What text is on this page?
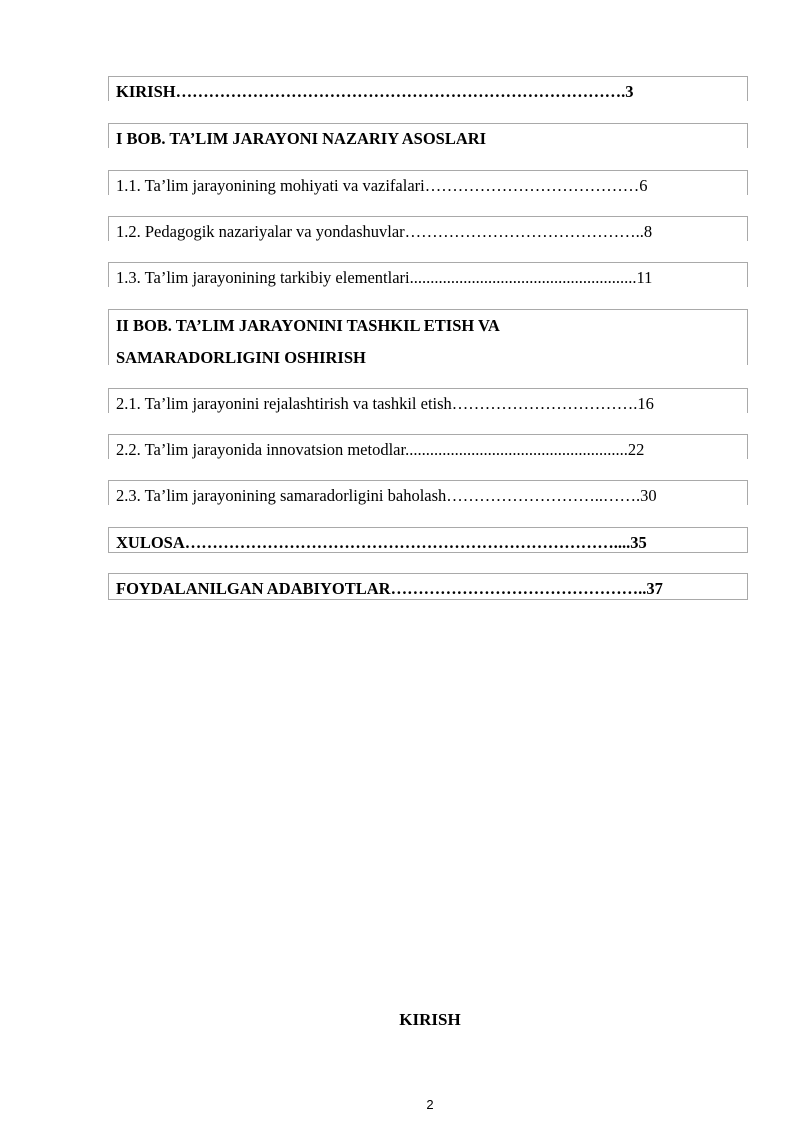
KIRISH……………………………………………………………………….3
I BOB. TA’LIM JARAYONI NAZARIY ASOSLARI
1.1. Ta’lim jarayonining mohiyati va vazifalari…………………………………6
1.2. Pedagogik nazariyalar va yondashuvlar……………………………………..8
1.3. Ta’lim jarayonining tarkibiy elementlari.......................................................11
II BOB. TA’LIM JARAYONINI TASHKIL ETISH VA
SAMARADORLIGINI OSHIRISH
2.1. Ta’lim jarayonini rejalashtirish va tashkil etish…………………………….16
2.2. Ta’lim jarayonida innovatsion metodlar......................................................22
2.3. Ta’lim jarayonining samaradorligini baholash………………………..…….30
XULOSA……………………………………………………………………....35
FOYDALANILGAN ADABIYOTLAR………………………………………..37
KIRISH
2
